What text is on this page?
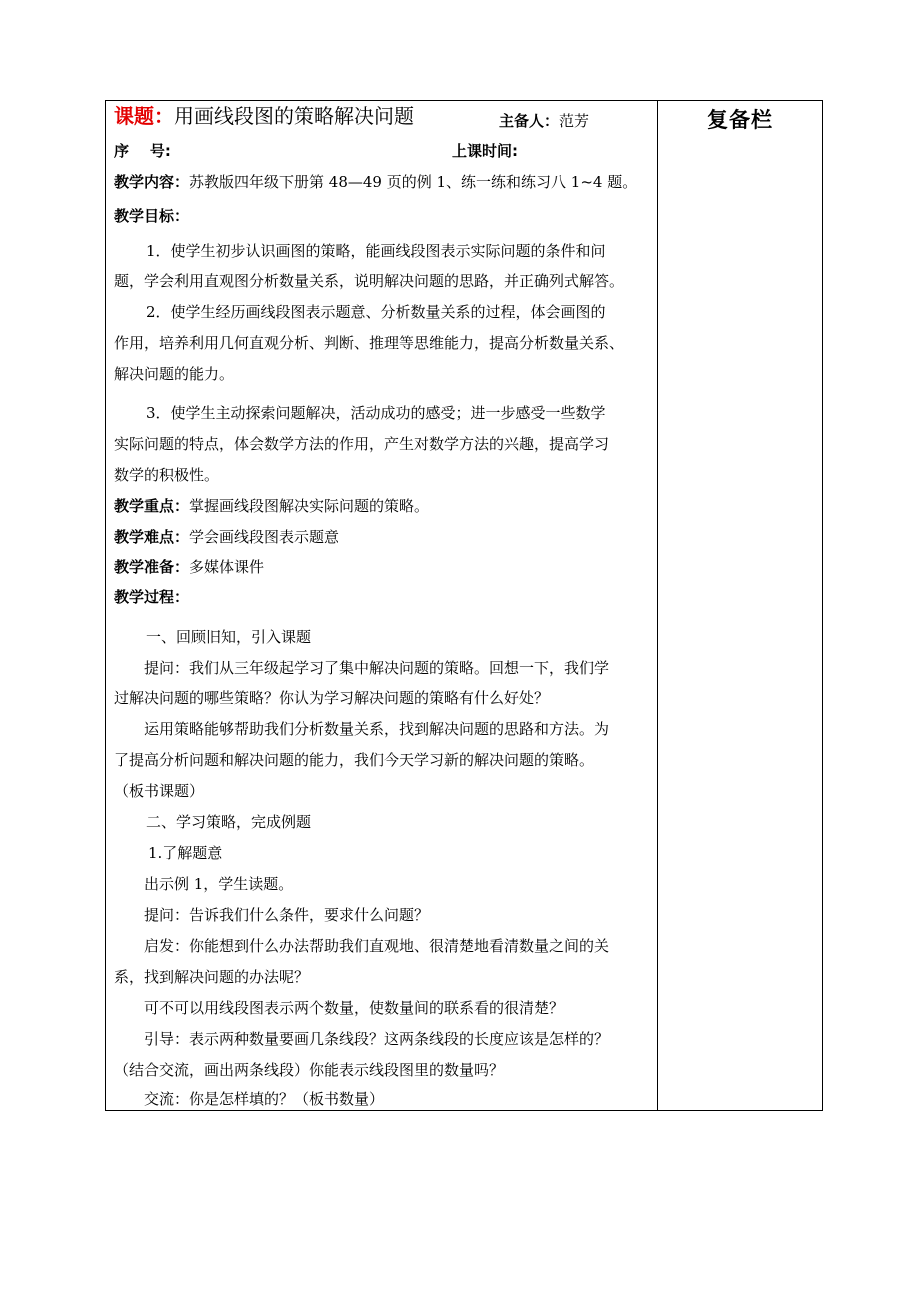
复备栏
课题：用画线段图的策略解决问题	主备人：范芳
序    号:	上课时间:
教学内容：苏教版四年级下册第 48—49 页的例 1、练一练和练习八 1~4 题。
教学目标：
1．使学生初步认识画图的策略，能画线段图表示实际问题的条件和问
题，学会利用直观图分析数量关系，说明解决问题的思路，并正确列式解答。
2．使学生经历画线段图表示题意、分析数量关系的过程，体会画图的
作用，培养利用几何直观分析、判断、推理等思维能力，提高分析数量关系、
解决问题的能力。
3．使学生主动探索问题解决，活动成功的感受；进一步感受一些数学
实际问题的特点，体会数学方法的作用，产生对数学方法的兴趣，提高学习
数学的积极性。
教学重点：掌握画线段图解决实际问题的策略。
教学难点：学会画线段图表示题意
教学准备：多媒体课件
教学过程：
一、回顾旧知，引入课题
提问：我们从三年级起学习了集中解决问题的策略。回想一下，我们学
过解决问题的哪些策略？你认为学习解决问题的策略有什么好处？
运用策略能够帮助我们分析数量关系，找到解决问题的思路和方法。为
了提高分析问题和解决问题的能力，我们今天学习新的解决问题的策略。
（板书课题）
二、学习策略，完成例题
1.了解题意
出示例 1，学生读题。
提问：告诉我们什么条件，要求什么问题？
启发：你能想到什么办法帮助我们直观地、很清楚地看清数量之间的关
系，找到解决问题的办法呢？
可不可以用线段图表示两个数量，使数量间的联系看的很清楚？
引导：表示两种数量要画几条线段？这两条线段的长度应该是怎样的？
（结合交流，画出两条线段）你能表示线段图里的数量吗？
交流：你是怎样填的？（板书数量）
